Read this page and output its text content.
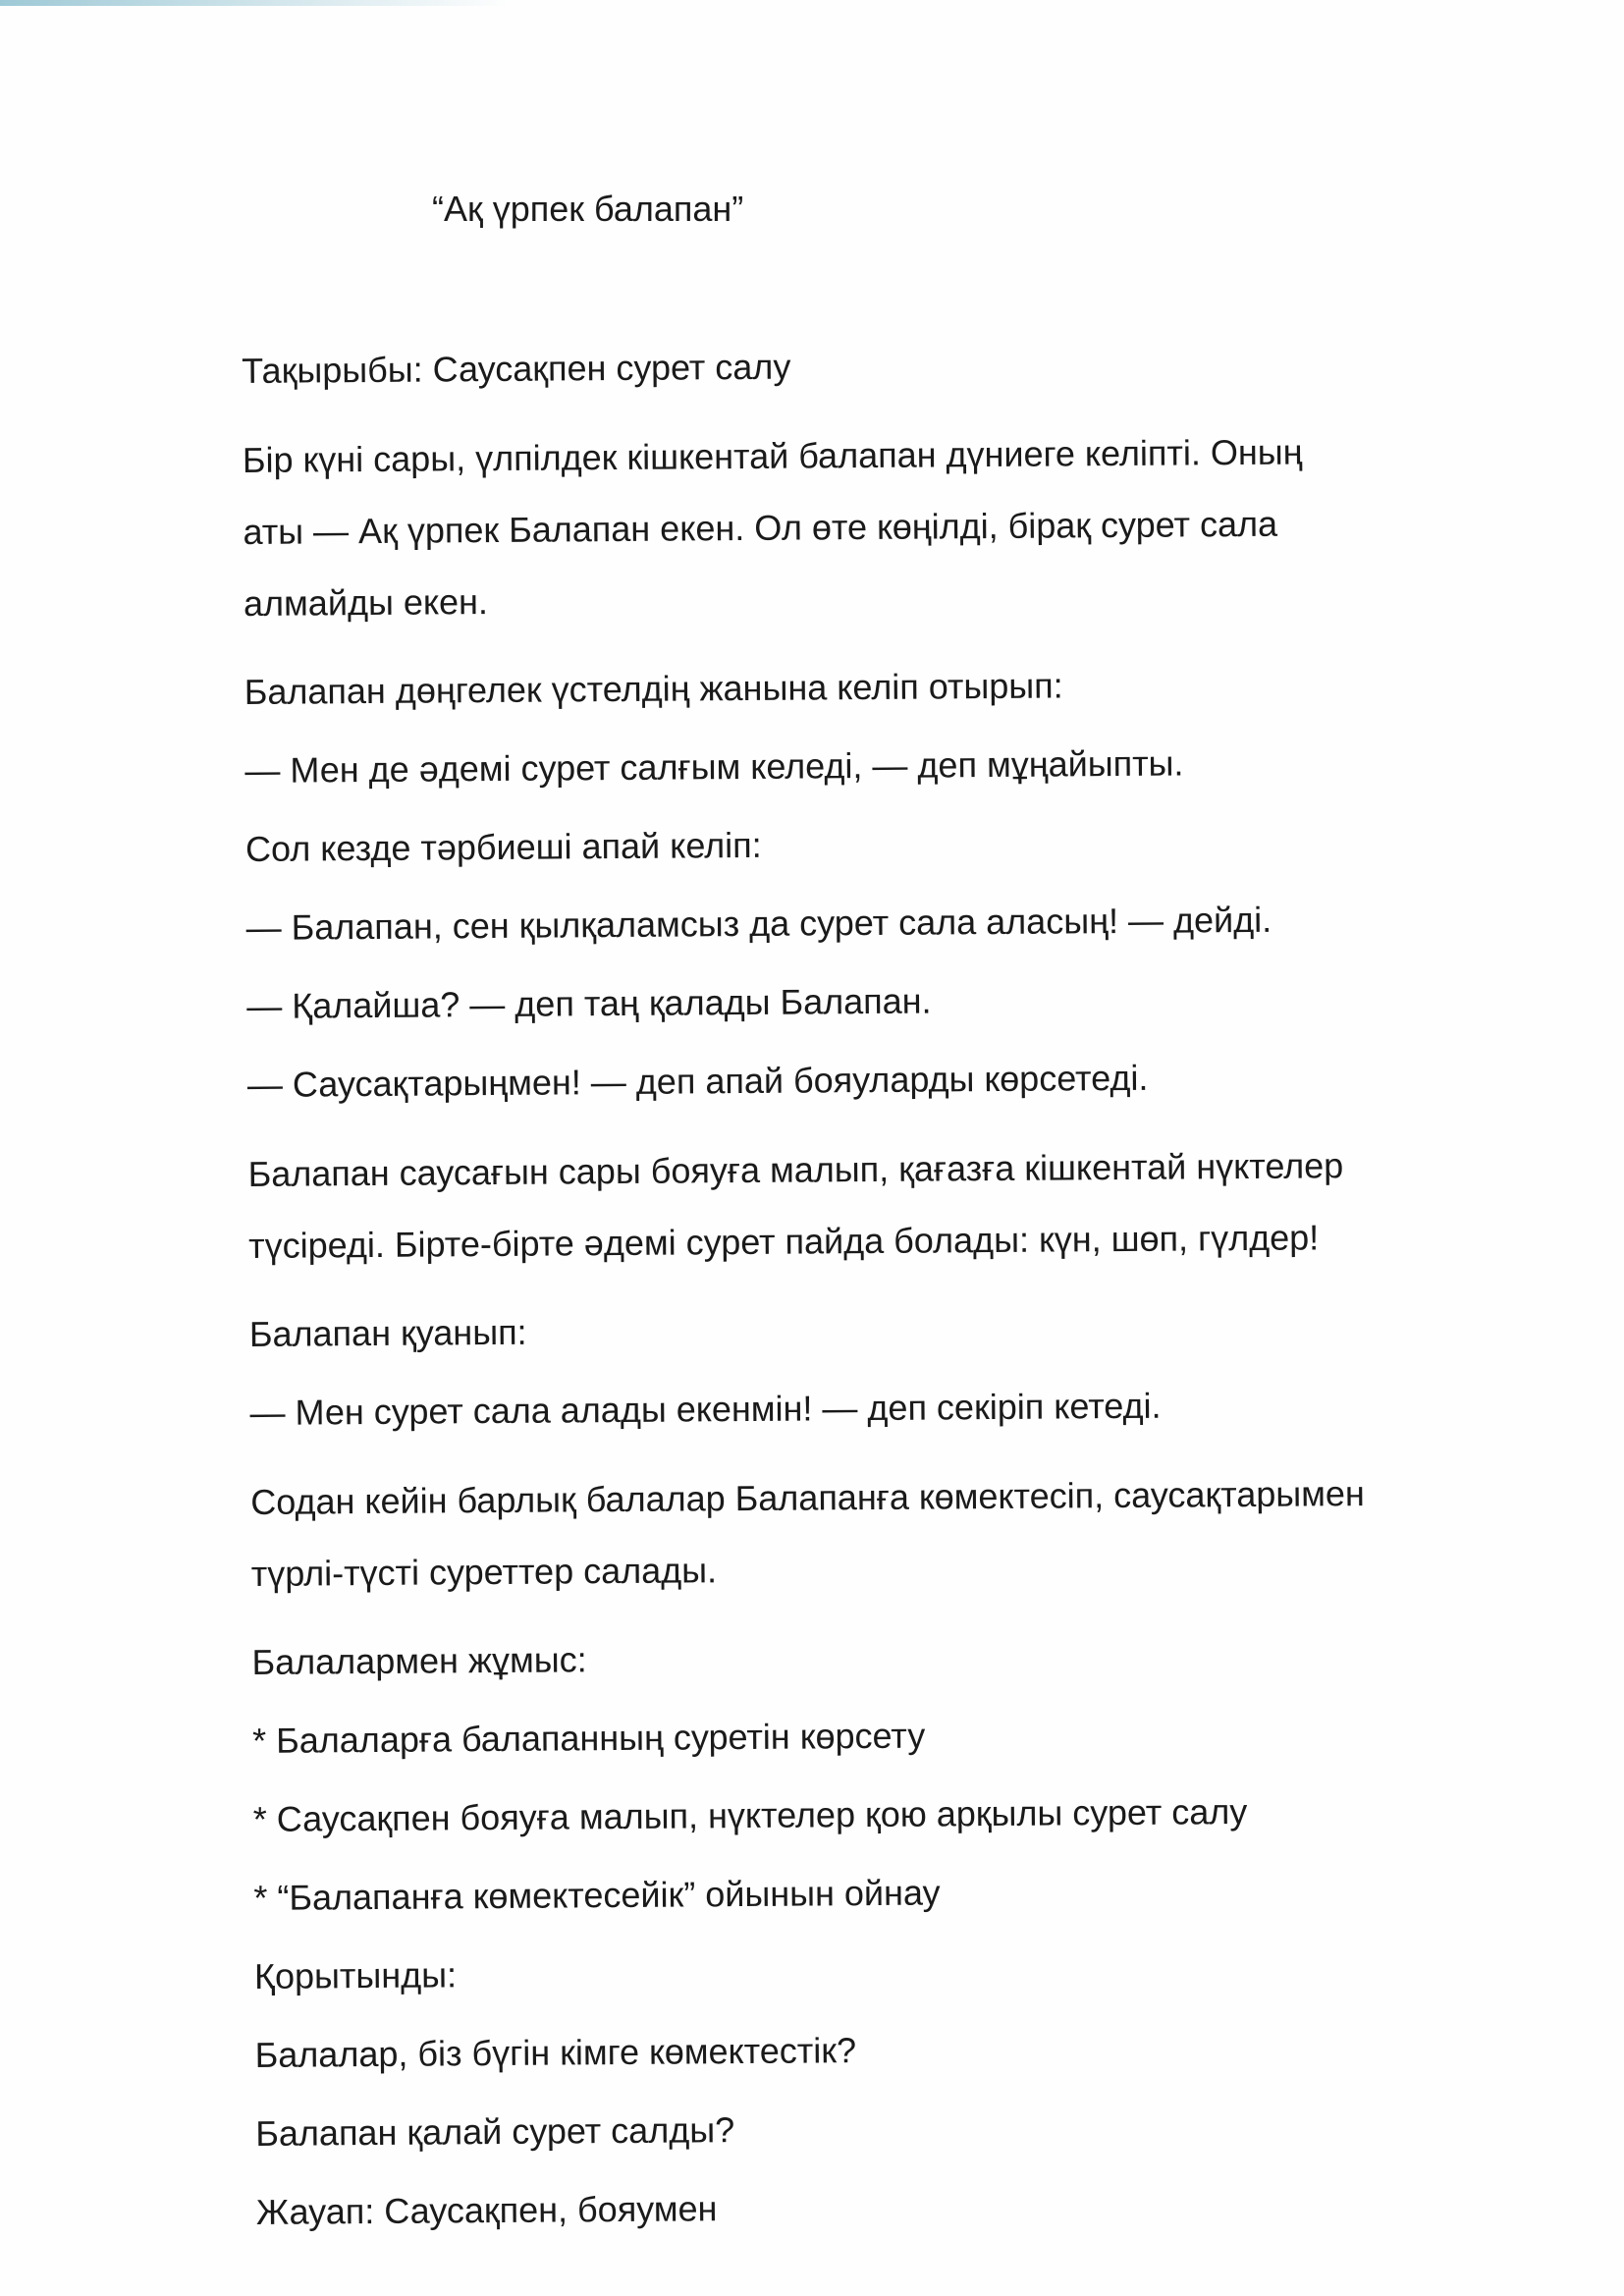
“Ақ үрпек балапан”

Тақырыбы: Саусақпен сурет салу

Бір күні сары, үлпілдек кішкентай балапан дүниеге келіпті. Оның
аты — Ақ үрпек Балапан екен. Ол өте көңілді, бірақ сурет сала
алмайды екен.

Балапан дөңгелек үстелдің жанына келіп отырып:

— Мен де әдемі сурет салғым келеді, — деп мұңайыпты.

Сол кезде тәрбиеші апай келіп:

— Балапан, сен қылқаламсыз да сурет сала аласың! — дейді.

— Қалайша? — деп таң қалады Балапан.

— Саусақтарыңмен! — деп апай бояуларды көрсетеді.

Балапан саусағын сары бояуға малып, қағазға кішкентай нүктелер
түсіреді. Бірте-бірте әдемі сурет пайда болады: күн, шөп, гүлдер!

Балапан қуанып:

— Мен сурет сала алады екенмін! — деп секіріп кетеді.

Содан кейін барлық балалар Балапанға көмектесіп, саусақтарымен
түрлі-түсті суреттер салады.

Балалармен жұмыс:

* Балаларға балапанның суретін көрсету

* Саусақпен бояуға малып, нүктелер қою арқылы сурет салу

* “Балапанға көмектесейік” ойынын ойнау

Қорытынды:

Балалар, біз бүгін кімге көмектестік?

Балапан қалай сурет салды?

Жауап: Саусақпен, бояумен
